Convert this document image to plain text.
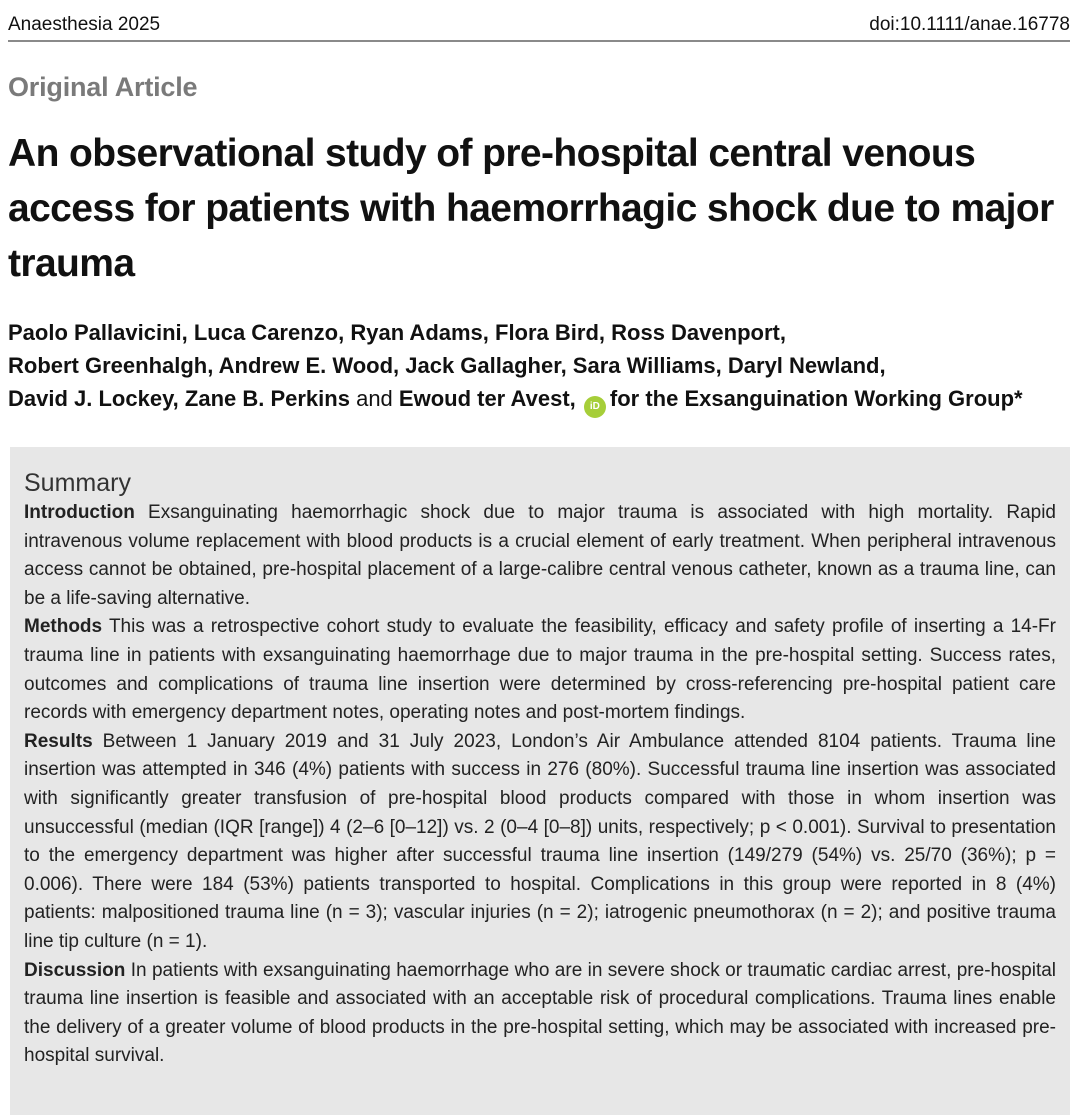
Anaesthesia 2025	doi:10.1111/anae.16778
Original Article
An observational study of pre-hospital central venous access for patients with haemorrhagic shock due to major trauma
Paolo Pallavicini, Luca Carenzo, Ryan Adams, Flora Bird, Ross Davenport,
Robert Greenhalgh, Andrew E. Wood, Jack Gallagher, Sara Williams, Daryl Newland,
David J. Lockey, Zane B. Perkins and Ewoud ter Avest, iD for the Exsanguination Working Group*
Summary

Introduction Exsanguinating haemorrhagic shock due to major trauma is associated with high mortality. Rapid intravenous volume replacement with blood products is a crucial element of early treatment. When peripheral intravenous access cannot be obtained, pre-hospital placement of a large-calibre central venous catheter, known as a trauma line, can be a life-saving alternative.

Methods This was a retrospective cohort study to evaluate the feasibility, efficacy and safety profile of inserting a 14-Fr trauma line in patients with exsanguinating haemorrhage due to major trauma in the pre-hospital setting. Success rates, outcomes and complications of trauma line insertion were determined by cross-referencing pre-hospital patient care records with emergency department notes, operating notes and post-mortem findings.

Results Between 1 January 2019 and 31 July 2023, London’s Air Ambulance attended 8104 patients. Trauma line insertion was attempted in 346 (4%) patients with success in 276 (80%). Successful trauma line insertion was associated with significantly greater transfusion of pre-hospital blood products compared with those in whom insertion was unsuccessful (median (IQR [range]) 4 (2–6 [0–12]) vs. 2 (0–4 [0–8]) units, respectively; p < 0.001). Survival to presentation to the emergency department was higher after successful trauma line insertion (149/279 (54%) vs. 25/70 (36%); p = 0.006). There were 184 (53%) patients transported to hospital. Complications in this group were reported in 8 (4%) patients: malpositioned trauma line (n = 3); vascular injuries (n = 2); iatrogenic pneumothorax (n = 2); and positive trauma line tip culture (n = 1).

Discussion In patients with exsanguinating haemorrhage who are in severe shock or traumatic cardiac arrest, pre-hospital trauma line insertion is feasible and associated with an acceptable risk of procedural complications. Trauma lines enable the delivery of a greater volume of blood products in the pre-hospital setting, which may be associated with increased pre-hospital survival.
